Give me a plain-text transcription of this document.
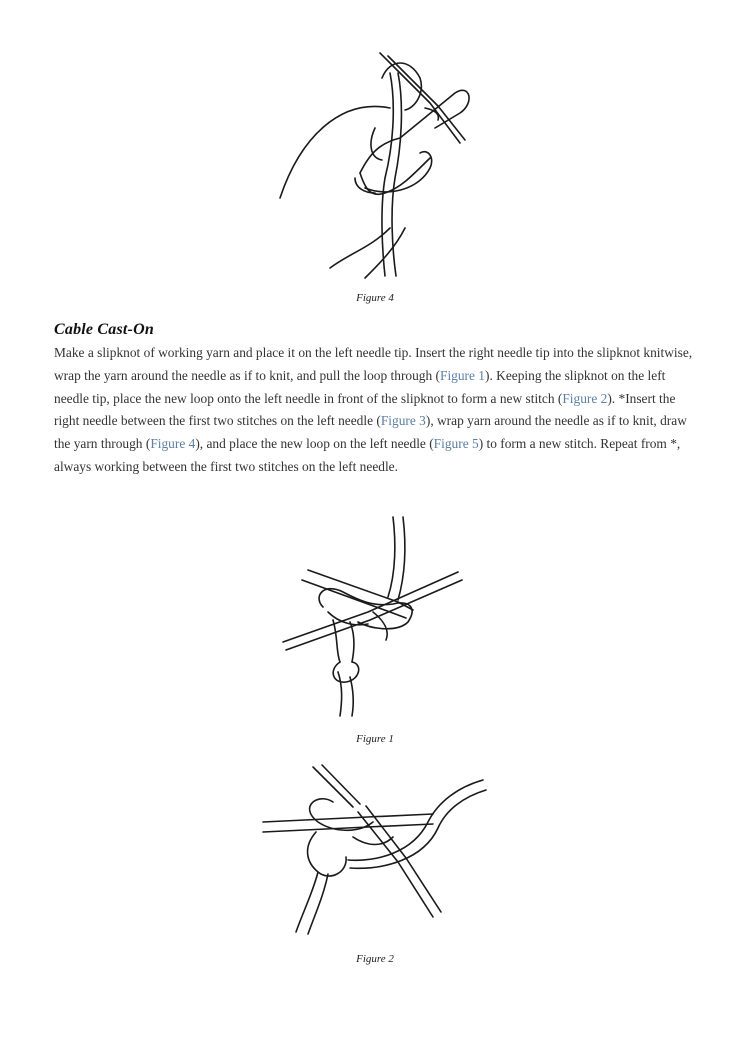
Figure 4
Cable Cast-On

Make a slipknot of working yarn and place it on the left needle tip. Insert the right needle tip into the slipknot knitwise, wrap the yarn around the needle as if to knit, and pull the loop through (Figure 1). Keeping the slipknot on the left needle tip, place the new loop onto the left needle in front of the slipknot to form a new stitch (Figure 2). *Insert the right needle between the first two stitches on the left needle (Figure 3), wrap yarn around the needle as if to knit, draw the yarn through (Figure 4), and place the new loop on the left needle (Figure 5) to form a new stitch. Repeat from *, always working between the first two stitches on the left needle.

Figure 1
Figure 2
